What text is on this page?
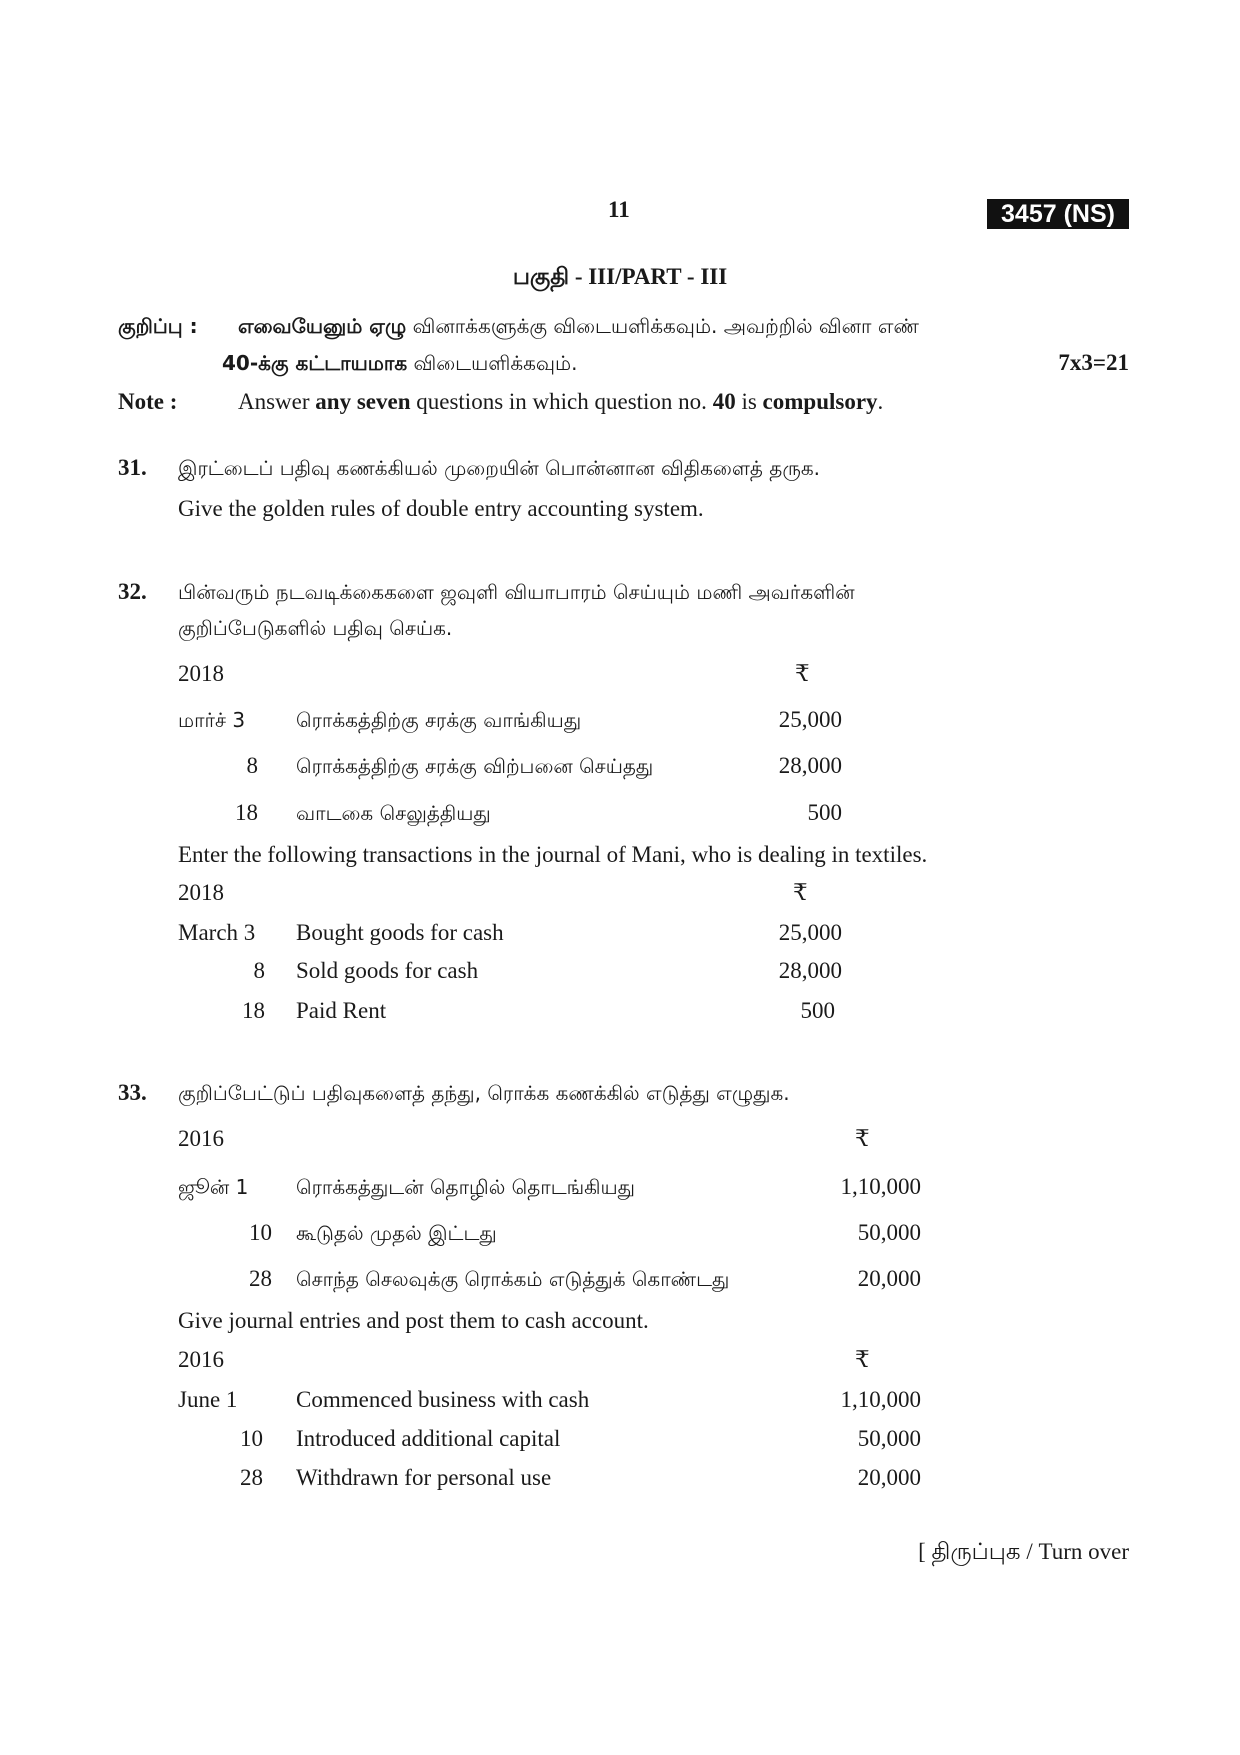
11	3457 (NS)
பகுதி - III/PART - III
குறிப்பு : எவையேனும் ஏழு வினாக்களுக்கு விடையளிக்கவும். அவற்றில் வினா எண்
40-க்கு கட்டாயமாக விடையளிக்கவும்.	7x3=21
Note :	Answer any seven questions in which question no. 40 is compulsory.
31. இரட்டைப் பதிவு கணக்கியல் முறையின் பொன்னான விதிகளைத் தருக.
Give the golden rules of double entry accounting system.
32. பின்வரும் நடவடிக்கைகளை ஜவுளி வியாபாரம் செய்யும் மணி அவர்களின்
குறிப்பேடுகளில் பதிவு செய்க.
2018	₹
மார்ச் 3	ரொக்கத்திற்கு சரக்கு வாங்கியது	25,000
8 ரொக்கத்திற்கு சரக்கு விற்பனை செய்தது	28,000
18 வாடகை செலுத்தியது	500
Enter the following transactions in the journal of Mani, who is dealing in textiles.
2018	₹
March 3 Bought goods for cash	25,000
8 Sold goods for cash	28,000
18 Paid Rent	500
33. குறிப்பேட்டுப் பதிவுகளைத் தந்து, ரொக்க கணக்கில் எடுத்து எழுதுக.
2016	₹
ஜூன் 1 ரொக்கத்துடன் தொழில் தொடங்கியது	1,10,000
10 கூடுதல் முதல் இட்டது	50,000
28 சொந்த செலவுக்கு ரொக்கம் எடுத்துக் கொண்டது	20,000
Give journal entries and post them to cash account.
2016	₹
June 1	Commenced business with cash	1,10,000
10 Introduced additional capital	50,000
28 Withdrawn for personal use	20,000
[ திருப்புக / Turn over
